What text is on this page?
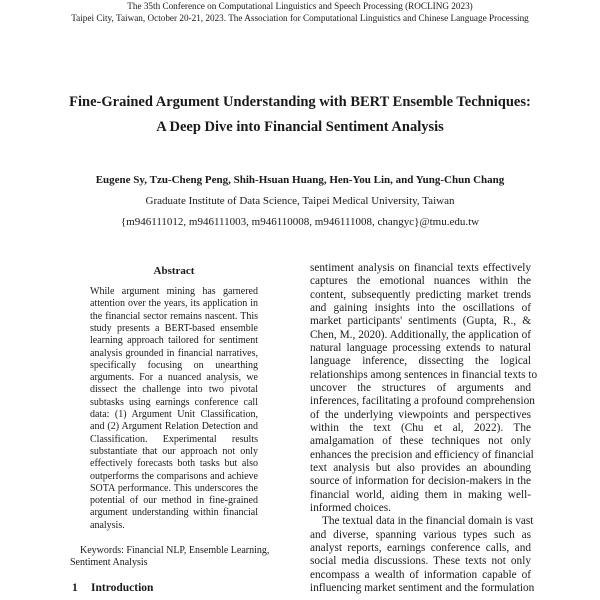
The 35th Conference on Computational Linguistics and Speech Processing (ROCLING 2023)
Taipei City, Taiwan, October 20-21, 2023. The Association for Computational Linguistics and Chinese Language Processing
Fine-Grained Argument Understanding with BERT Ensemble Techniques:
A Deep Dive into Financial Sentiment Analysis
Eugene Sy, Tzu-Cheng Peng, Shih-Hsuan Huang, Hen-You Lin, and Yung-Chun Chang
Graduate Institute of Data Science, Taipei Medical University, Taiwan
{m946111012, m946111003, m946110008, m946111008, changyc}@tmu.edu.tw
Abstract
While argument mining has garnered
attention over the years, its application in
the financial sector remains nascent. This
study presents a BERT-based ensemble
learning approach tailored for sentiment
analysis grounded in financial narratives,
specifically focusing on unearthing
arguments. For a nuanced analysis, we
dissect the challenge into two pivotal
subtasks using earnings conference call
data: (1) Argument Unit Classification,
and (2) Argument Relation Detection and
Classification. Experimental results
substantiate that our approach not only
effectively forecasts both tasks but also
outperforms the comparisons and achieve
SOTA performance. This underscores the
potential of our method in fine-grained
argument understanding within financial
analysis.
Keywords: Financial NLP, Ensemble Learning,
Sentiment Analysis
1 Introduction
sentiment analysis on financial texts effectively
captures the emotional nuances within the
content, subsequently predicting market trends
and gaining insights into the oscillations of
market participants' sentiments (Gupta, R., &
Chen, M., 2020). Additionally, the application of
natural language processing extends to natural
language inference, dissecting the logical
relationships among sentences in financial texts to
uncover the structures of arguments and
inferences, facilitating a profound comprehension
of the underlying viewpoints and perspectives
within the text (Chu et al, 2022). The
amalgamation of these techniques not only
enhances the precision and efficiency of financial
text analysis but also provides an abounding
source of information for decision-makers in the
financial world, aiding them in making well-
informed choices.
The textual data in the financial domain is vast
and diverse, spanning various types such as
analyst reports, earnings conference calls, and
social media discussions. These texts not only
encompass a wealth of information capable of
influencing market sentiment and the formulation
